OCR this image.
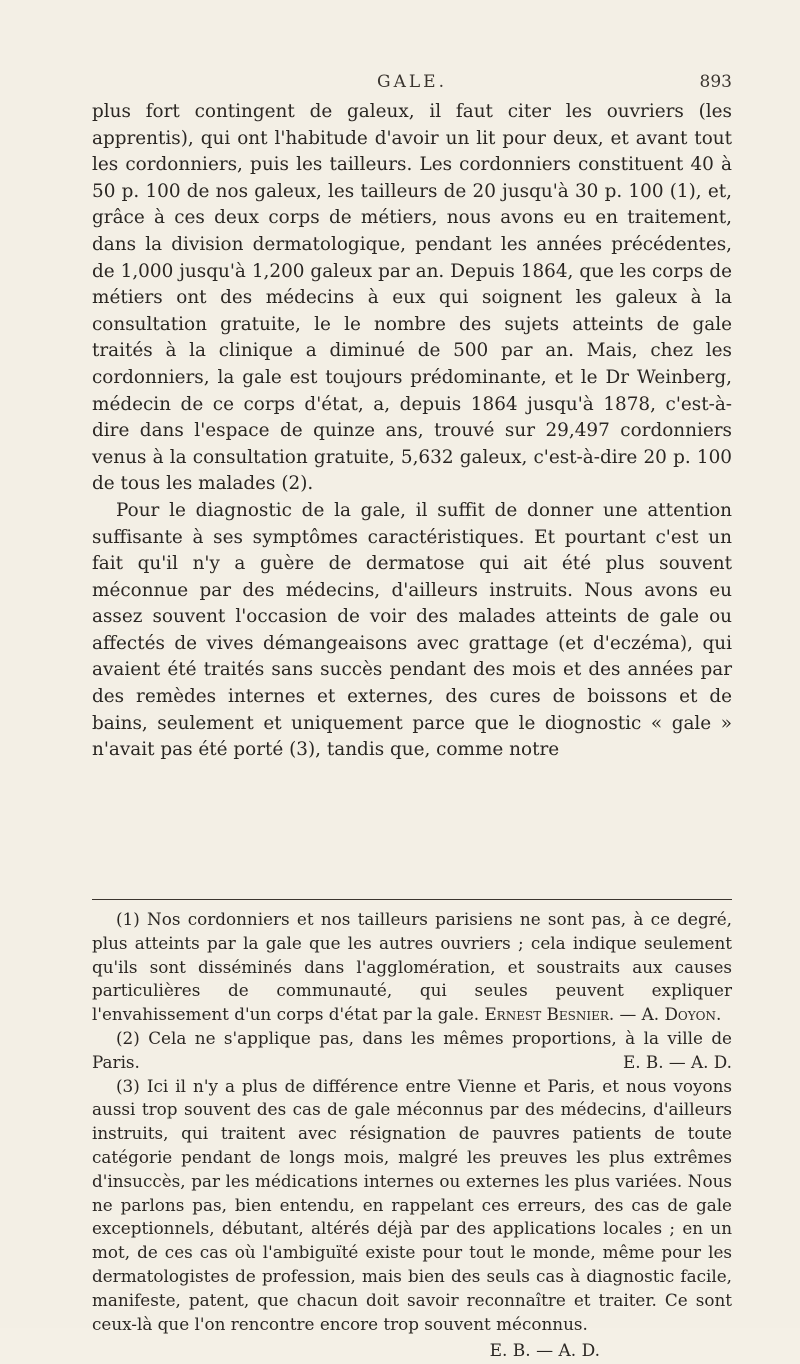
GALE.	893

plus fort contingent de galeux, il faut citer les ouvriers (les apprentis), qui ont l'habitude d'avoir un lit pour deux, et avant tout les cordonniers, puis les tailleurs. Les cordonniers constituent 40 à 50 p. 100 de nos galeux, les tailleurs de 20 jusqu'à 30 p. 100 (1), et, grâce à ces deux corps de métiers, nous avons eu en traitement, dans la division dermatologique, pendant les années précédentes, de 1,000 jusqu'à 1,200 galeux par an. Depuis 1864, que les corps de métiers ont des médecins à eux qui soignent les galeux à la consultation gratuite, le le nombre des sujets atteints de gale traités à la clinique a diminué de 500 par an. Mais, chez les cordonniers, la gale est toujours prédominante, et le Dr Weinberg, médecin de ce corps d'état, a, depuis 1864 jusqu'à 1878, c'est-à-dire dans l'espace de quinze ans, trouvé sur 29,497 cordonniers venus à la consultation gratuite, 5,632 galeux, c'est-à-dire 20 p. 100 de tous les malades (2).

Pour le diagnostic de la gale, il suffit de donner une attention suffisante à ses symptômes caractéristiques. Et pourtant c'est un fait qu'il n'y a guère de dermatose qui ait été plus souvent méconnue par des médecins, d'ailleurs instruits. Nous avons eu assez souvent l'occasion de voir des malades atteints de gale ou affectés de vives démangeaisons avec grattage (et d'eczéma), qui avaient été traités sans succès pendant des mois et des années par des remèdes internes et externes, des cures de boissons et de bains, seulement et uniquement parce que le diognostic « gale » n'avait pas été porté (3), tandis que, comme notre

(1) Nos cordonniers et nos tailleurs parisiens ne sont pas, à ce degré, plus atteints par la gale que les autres ouvriers ; cela indique seulement qu'ils sont disséminés dans l'agglomération, et soustraits aux causes particulières de communauté, qui seules peuvent expliquer l'envahissement d'un corps d'état par la gale. Ernest Besnier. — A. Doyon.

(2) Cela ne s'applique pas, dans les mêmes proportions, à la ville de Paris.	E. B. — A. D.

(3) Ici il n'y a plus de différence entre Vienne et Paris, et nous voyons aussi trop souvent des cas de gale méconnus par des médecins, d'ailleurs instruits, qui traitent avec résignation de pauvres patients de toute catégorie pendant de longs mois, malgré les preuves les plus extrêmes d'insuccès, par les médications internes ou externes les plus variées. Nous ne parlons pas, bien entendu, en rappelant ces erreurs, des cas de gale exceptionnels, débutant, altérés déjà par des applications locales ; en un mot, de ces cas où l'ambiguïté existe pour tout le monde, même pour les dermatologistes de profession, mais bien des seuls cas à diagnostic facile, manifeste, patent, que chacun doit savoir reconnaître et traiter. Ce sont ceux-là que l'on rencontre encore trop souvent méconnus.

E. B. — A. D.
